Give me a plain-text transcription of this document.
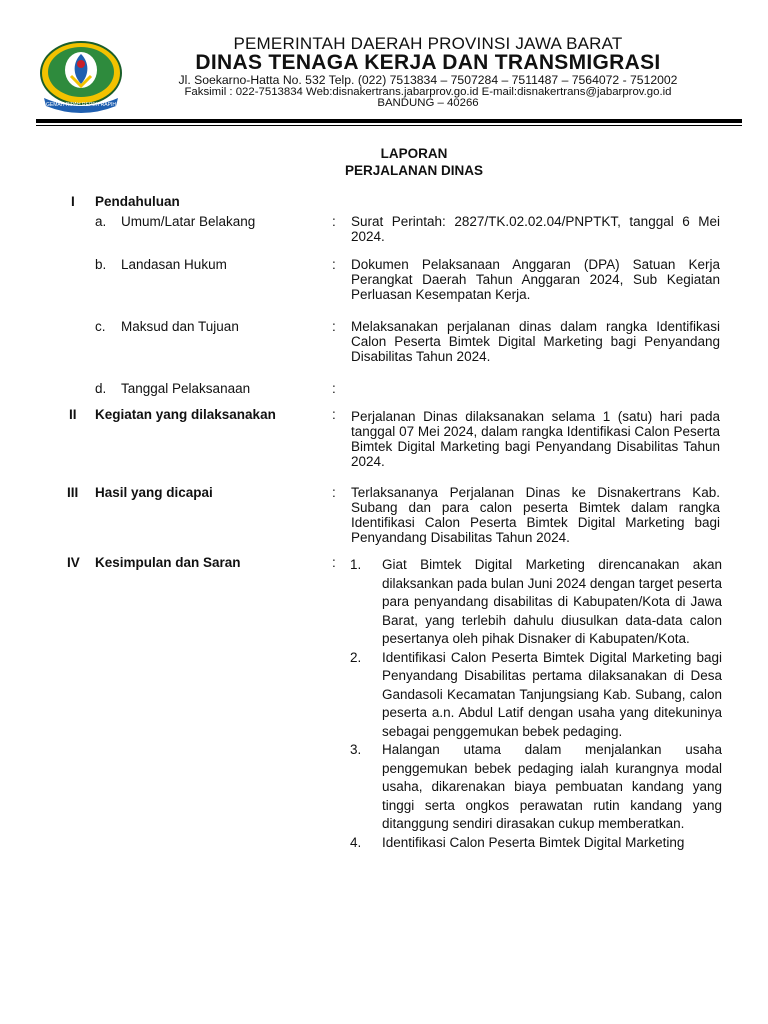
GEMAH RIPAH REPEH RAPIH
PEMERINTAH DAERAH PROVINSI JAWA BARAT
DINAS TENAGA KERJA DAN TRANSMIGRASI
Jl. Soekarno-Hatta No. 532 Telp. (022) 7513834 – 7507284 – 7511487 – 7564072 - 7512002
Faksimil : 022-7513834 Web:disnakertrans.jabarprov.go.id E-mail:disnakertrans@jabarprov.go.id
BANDUNG – 40266
LAPORAN
PERJALANAN DINAS
I Pendahuluan
a. Umum/Latar Belakang	: Surat Perintah: 2827/TK.02.02.04/PNPTKT, tanggal 6 Mei 2024.
b. Landasan Hukum	: Dokumen Pelaksanaan Anggaran (DPA) Satuan Kerja Perangkat Daerah Tahun Anggaran 2024, Sub Kegiatan Perluasan Kesempatan Kerja.
c. Maksud dan Tujuan	: Melaksanakan perjalanan dinas dalam rangka Identifikasi Calon Peserta Bimtek Digital Marketing bagi Penyandang Disabilitas Tahun 2024.
d. Tanggal Pelaksanaan	:
II Kegiatan yang dilaksanakan	: Perjalanan Dinas dilaksanakan selama 1 (satu) hari pada tanggal 07 Mei 2024, dalam rangka Identifikasi Calon Peserta Bimtek Digital Marketing bagi Penyandang Disabilitas Tahun 2024.
III Hasil yang dicapai	: Terlaksananya Perjalanan Dinas ke Disnakertrans Kab. Subang dan para calon peserta Bimtek dalam rangka Identifikasi Calon Peserta Bimtek Digital Marketing bagi Penyandang Disabilitas Tahun 2024.
IV Kesimpulan dan Saran	: 1. Giat Bimtek Digital Marketing direncanakan akan dilaksankan pada bulan Juni 2024 dengan target peserta para penyandang disabilitas di Kabupaten/Kota di Jawa Barat, yang terlebih dahulu diusulkan data-data calon pesertanya oleh pihak Disnaker di Kabupaten/Kota.

2. Identifikasi Calon Peserta Bimtek Digital Marketing bagi Penyandang Disabilitas pertama dilaksanakan di Desa Gandasoli Kecamatan Tanjungsiang Kab. Subang, calon peserta a.n. Abdul Latif dengan usaha yang ditekuninya sebagai penggemukan bebek pedaging.

3. Halangan utama dalam menjalankan usaha penggemukan bebek pedaging ialah kurangnya modal usaha, dikarenakan biaya pembuatan kandang yang tinggi serta ongkos perawatan rutin kandang yang ditanggung sendiri dirasakan cukup memberatkan.

4. Identifikasi Calon Peserta Bimtek Digital Marketing
